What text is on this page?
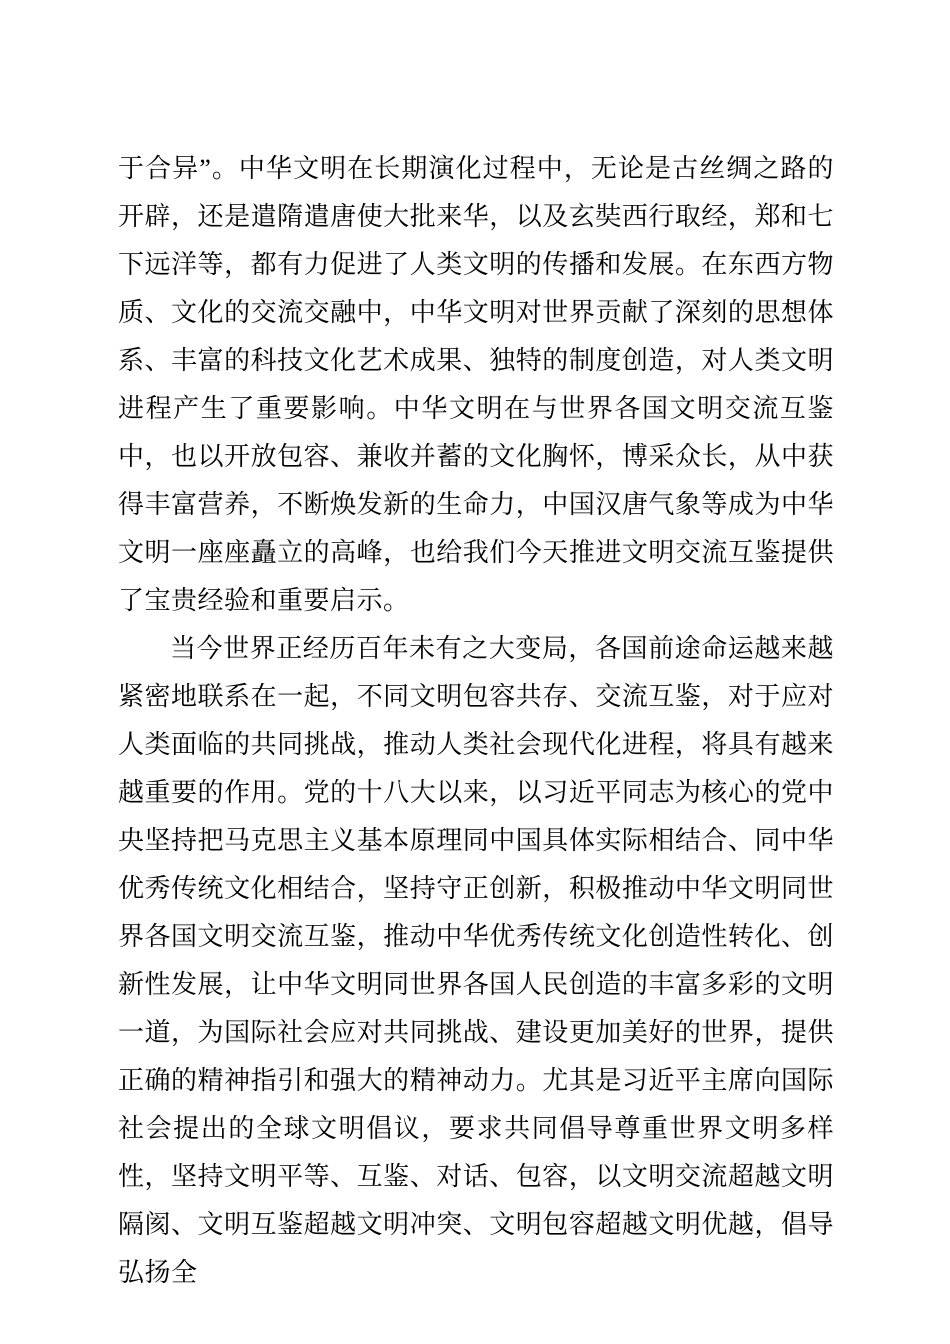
于合异”。中华文明在长期演化过程中，无论是古丝绸之路的开辟，还是遣隋遣唐使大批来华，以及玄奘西行取经，郑和七下远洋等，都有力促进了人类文明的传播和发展。在东西方物质、文化的交流交融中，中华文明对世界贡献了深刻的思想体系、丰富的科技文化艺术成果、独特的制度创造，对人类文明进程产生了重要影响。中华文明在与世界各国文明交流互鉴中，也以开放包容、兼收并蓄的文化胸怀，博采众长，从中获得丰富营养，不断焕发新的生命力，中国汉唐气象等成为中华文明一座座矗立的高峰，也给我们今天推进文明交流互鉴提供了宝贵经验和重要启示。

当今世界正经历百年未有之大变局，各国前途命运越来越紧密地联系在一起，不同文明包容共存、交流互鉴，对于应对人类面临的共同挑战，推动人类社会现代化进程，将具有越来越重要的作用。党的十八大以来，以习近平同志为核心的党中央坚持把马克思主义基本原理同中国具体实际相结合、同中华优秀传统文化相结合，坚持守正创新，积极推动中华文明同世界各国文明交流互鉴，推动中华优秀传统文化创造性转化、创新性发展，让中华文明同世界各国人民创造的丰富多彩的文明一道，为国际社会应对共同挑战、建设更加美好的世界，提供正确的精神指引和强大的精神动力。尤其是习近平主席向国际社会提出的全球文明倡议，要求共同倡导尊重世界文明多样性，坚持文明平等、互鉴、对话、包容，以文明交流超越文明隔阂、文明互鉴超越文明冲突、文明包容超越文明优越，倡导弘扬全
